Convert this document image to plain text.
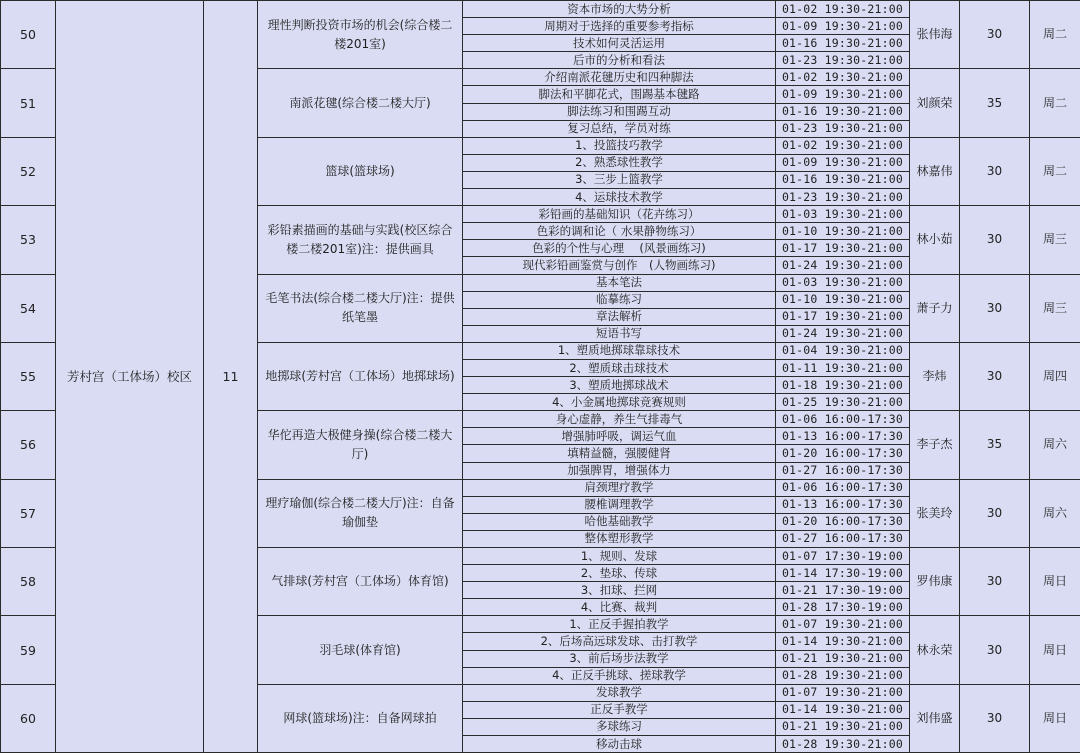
50	芳村宫（工体场）校区	11	理性判断投资市场的机会(综合楼二楼201室)	资本市场的大势分析	01-02 19:30-21:00	张伟海	30	周二
				周期对于选择的重要参考指标	01-09 19:30-21:00			
				技术如何灵活运用	01-16 19:30-21:00			
				后市的分析和看法	01-23 19:30-21:00			
51			南派花毽(综合楼二楼大厅)	介绍南派花毽历史和四种脚法	01-02 19:30-21:00	刘颜荣	35	周二
				脚法和平脚花式，围踢基本毽路	01-09 19:30-21:00			
				脚法练习和围踢互动	01-16 19:30-21:00			
				复习总结，学员对练	01-23 19:30-21:00			
52			篮球(篮球场)	1、投篮技巧教学	01-02 19:30-21:00	林嘉伟	30	周二
				2、熟悉球性教学	01-09 19:30-21:00			
				3、三步上篮教学	01-16 19:30-21:00			
				4、运球技术教学	01-23 19:30-21:00			
53			彩铅素描画的基础与实践(校区综合楼二楼201室)注：提供画具	彩铅画的基础知识（花卉练习）	01-03 19:30-21:00	林小茹	30	周三
				色彩的调和论（ 水果静物练习）	01-10 19:30-21:00			
				色彩的个性与心理　 (风景画练习)	01-17 19:30-21:00			
				现代彩铅画鉴赏与创作　(人物画练习)	01-24 19:30-21:00			
54			毛笔书法(综合楼二楼大厅)注：提供纸笔墨	基本笔法	01-03 19:30-21:00	萧子力	30	周三
				临摹练习	01-10 19:30-21:00			
				章法解析	01-17 19:30-21:00			
				短语书写	01-24 19:30-21:00			
55			地掷球(芳村宫（工体场）地掷球场)	1、塑质地掷球靠球技术	01-04 19:30-21:00	李炜	30	周四
				2、塑质球击球技术	01-11 19:30-21:00			
				3、塑质地掷球战术	01-18 19:30-21:00			
				4、小金属地掷球竞赛规则	01-25 19:30-21:00			
56			华佗再造大极健身操(综合楼二楼大厅)	身心虚静，养生气排毒气	01-06 16:00-17:30	李子杰	35	周六
				增强肺呼吸，调运气血	01-13 16:00-17:30			
				填精益髓，强腰健肾	01-20 16:00-17:30			
				加强脾胃，增强体力	01-27 16:00-17:30			
57			理疗瑜伽(综合楼二楼大厅)注：自备瑜伽垫	肩颈理疗教学	01-06 16:00-17:30	张美玲	30	周六
				腰椎调理教学	01-13 16:00-17:30			
				哈他基础教学	01-20 16:00-17:30			
				整体塑形教学	01-27 16:00-17:30			
58			气排球(芳村宫（工体场）体育馆)	1、规则、发球	01-07 17:30-19:00	罗伟康	30	周日
				2、垫球、传球	01-14 17:30-19:00			
				3、扣球、拦网	01-21 17:30-19:00			
				4、比赛、裁判	01-28 17:30-19:00			
59			羽毛球(体育馆)	1、正反手握拍教学	01-07 19:30-21:00	林永荣	30	周日
				2、后场高远球发球、击打教学	01-14 19:30-21:00			
				3、前后场步法教学	01-21 19:30-21:00			
				4、正反手挑球、搓球教学	01-28 19:30-21:00			
60			网球(篮球场)注：自备网球拍	发球教学	01-07 19:30-21:00	刘伟盛	30	周日
				正反手教学	01-14 19:30-21:00			
				多球练习	01-21 19:30-21:00			
				移动击球	01-28 19:30-21:00			
